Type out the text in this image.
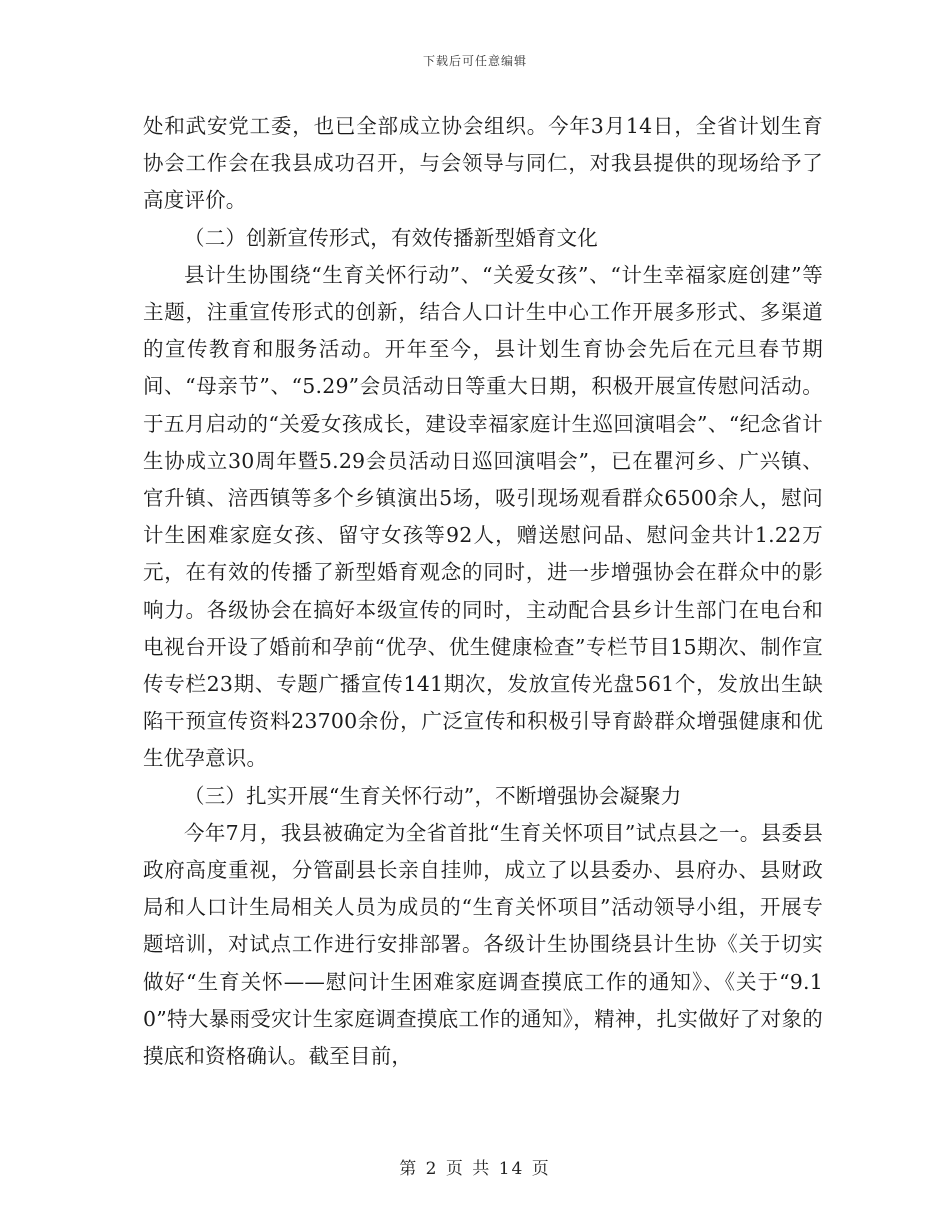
下载后可任意编辑

处和武安党工委，也已全部成立协会组织。今年3月14日，全省计划生育协会工作会在我县成功召开，与会领导与同仁，对我县提供的现场给予了高度评价。

（二）创新宣传形式，有效传播新型婚育文化

县计生协围绕“生育关怀行动”、“关爱女孩”、“计生幸福家庭创建”等主题，注重宣传形式的创新，结合人口计生中心工作开展多形式、多渠道的宣传教育和服务活动。开年至今，县计划生育协会先后在元旦春节期间、“母亲节”、“5.29”会员活动日等重大日期，积极开展宣传慰问活动。于五月启动的“关爱女孩成长，建设幸福家庭计生巡回演唱会”、“纪念省计生协成立30周年暨5.29会员活动日巡回演唱会”，已在瞿河乡、广兴镇、官升镇、涪西镇等多个乡镇演出5场，吸引现场观看群众6500余人，慰问计生困难家庭女孩、留守女孩等92人，赠送慰问品、慰问金共计1.22万元，在有效的传播了新型婚育观念的同时，进一步增强协会在群众中的影响力。各级协会在搞好本级宣传的同时，主动配合县乡计生部门在电台和电视台开设了婚前和孕前“优孕、优生健康检查”专栏节目15期次、制作宣传专栏23期、专题广播宣传141期次，发放宣传光盘561个，发放出生缺陷干预宣传资料23700余份，广泛宣传和积极引导育龄群众增强健康和优生优孕意识。

（三）扎实开展“生育关怀行动”，不断增强协会凝聚力

今年7月，我县被确定为全省首批“生育关怀项目”试点县之一。县委县政府高度重视，分管副县长亲自挂帅，成立了以县委办、县府办、县财政局和人口计生局相关人员为成员的“生育关怀项目”活动领导小组，开展专题培训，对试点工作进行安排部署。各级计生协围绕县计生协《关于切实做好“生育关怀——慰问计生困难家庭调查摸底工作的通知》、《关于“9.10”特大暴雨受灾计生家庭调查摸底工作的通知》，精神，扎实做好了对象的摸底和资格确认。截至目前，

第 2 页 共 14 页
